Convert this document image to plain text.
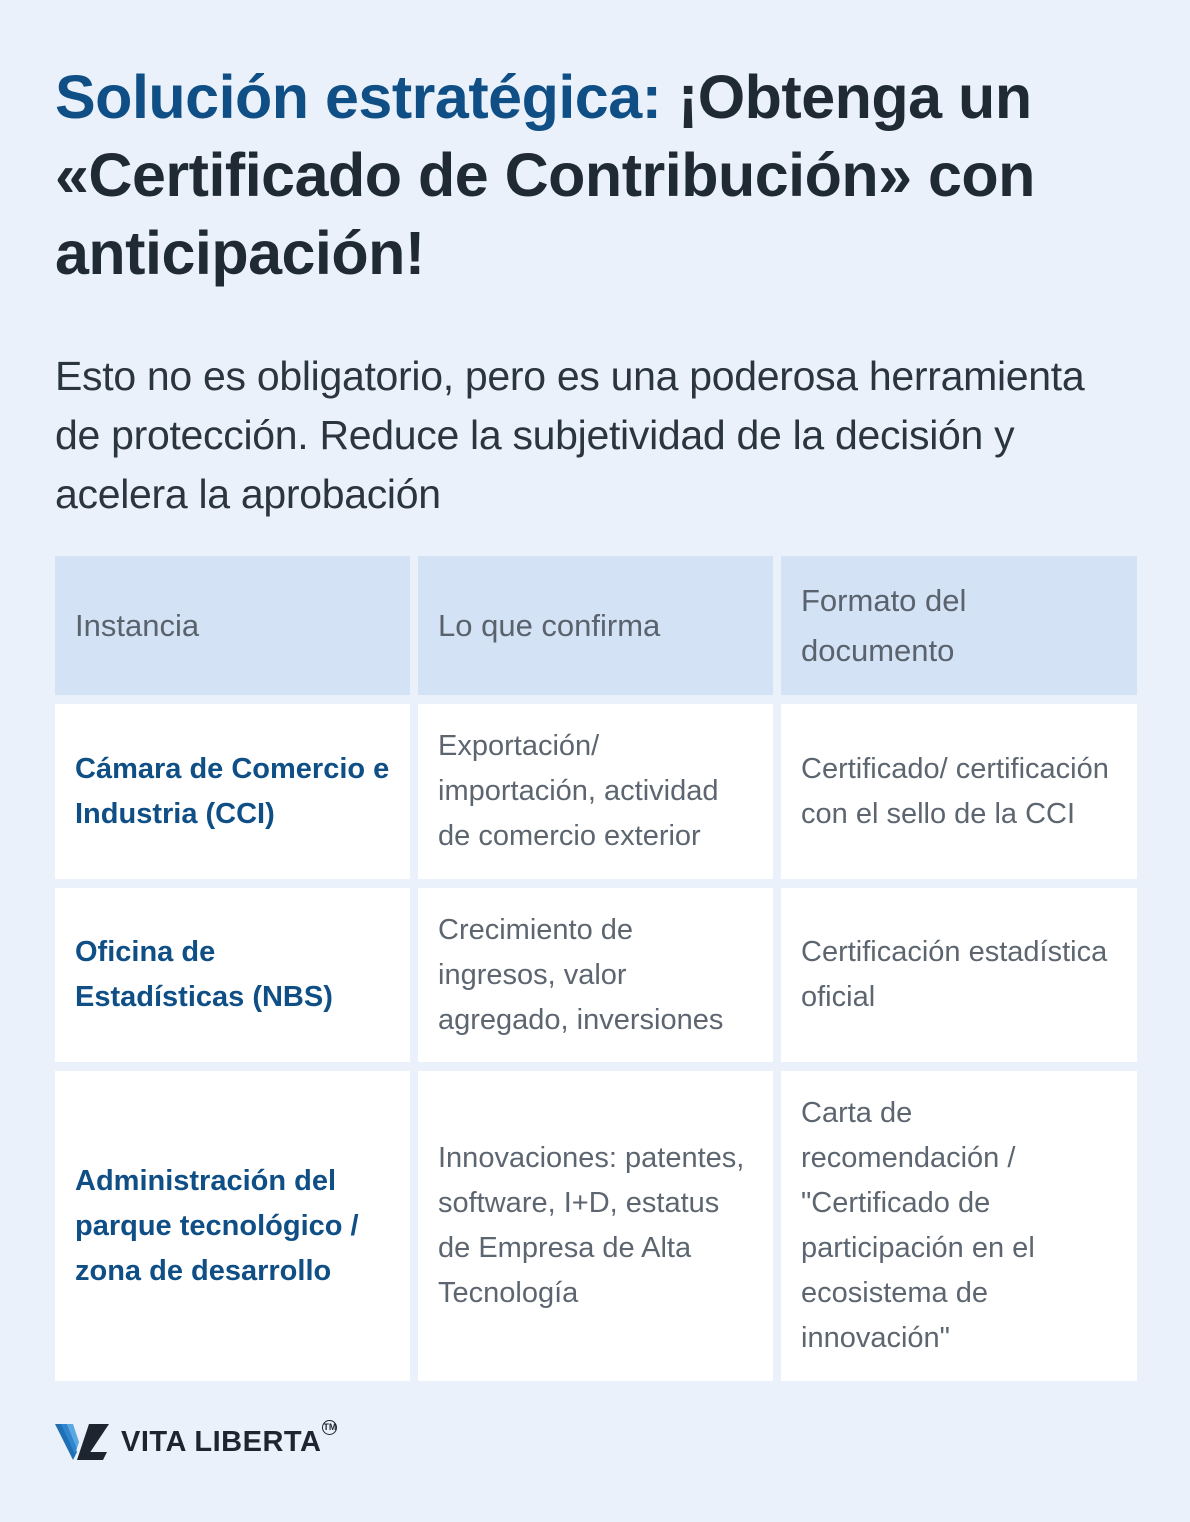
Solución estratégica: ¡Obtenga un «Certificado de Contribución» con anticipación!
Esto no es obligatorio, pero es una poderosa herramienta de protección. Reduce la subjetividad de la decisión y acelera la aprobación
Instancia	Lo que confirma
Formato del documento
Cámara de Comercio e Industria (CCI)
Exportación/ importación, actividad de comercio exterior
Certificado/ certificación con el sello de la CCI
Oficina de Estadísticas (NBS)
Crecimiento de ingresos, valor agregado, inversiones
Certificación estadística oficial
Administración del parque tecnológico / zona de desarrollo
Innovaciones: patentes, software, I+D, estatus de Empresa de Alta Tecnología
Carta de recomendación / "Certificado de participación en el ecosistema de innovación"
VITA LIBERTA TM
